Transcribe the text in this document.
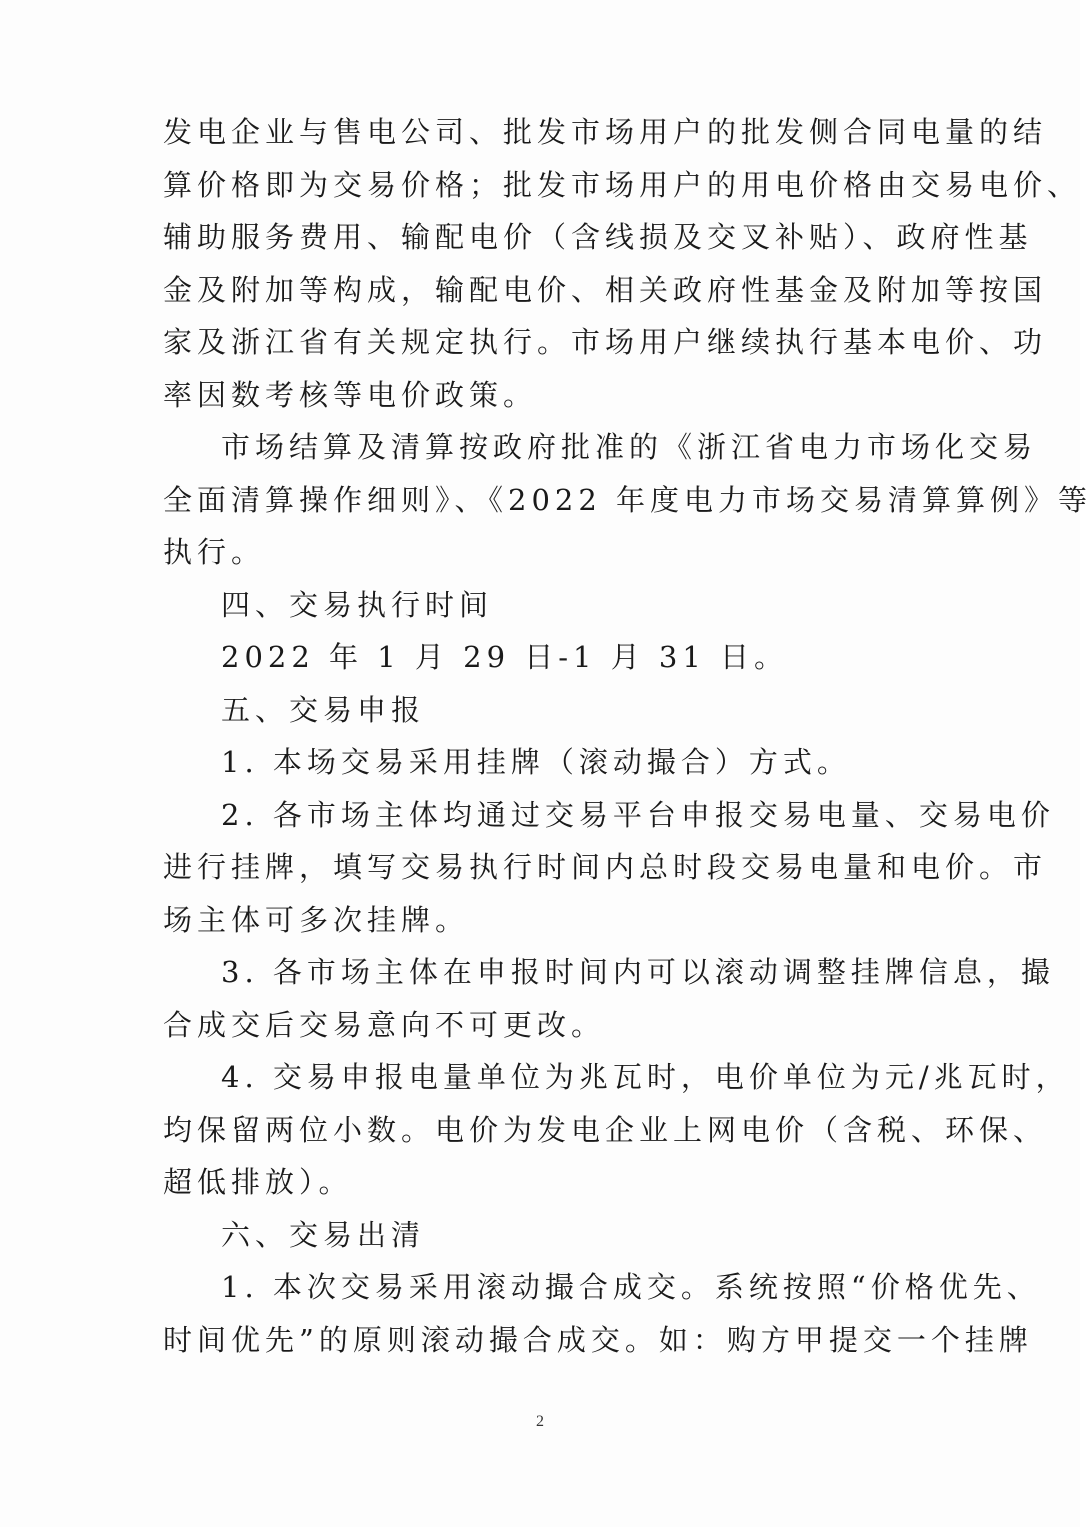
发电企业与售电公司、批发市场用户的批发侧合同电量的结
算价格即为交易价格；批发市场用户的用电价格由交易电价、
辅助服务费用、输配电价（含线损及交叉补贴）、政府性基
金及附加等构成，输配电价、相关政府性基金及附加等按国
家及浙江省有关规定执行。市场用户继续执行基本电价、功
率因数考核等电价政策。
市场结算及清算按政府批准的《浙江省电力市场化交易
全面清算操作细则》、《2022 年度电力市场交易清算算例》等
执行。
四、交易执行时间
2022 年 1 月 29 日-1 月 31 日。
五、交易申报
1. 本场交易采用挂牌（滚动撮合）方式。
2. 各市场主体均通过交易平台申报交易电量、交易电价
进行挂牌，填写交易执行时间内总时段交易电量和电价。市
场主体可多次挂牌。
3. 各市场主体在申报时间内可以滚动调整挂牌信息，撮
合成交后交易意向不可更改。
4. 交易申报电量单位为兆瓦时，电价单位为元/兆瓦时，
均保留两位小数。电价为发电企业上网电价（含税、环保、
超低排放）。
六、交易出清
1. 本次交易采用滚动撮合成交。系统按照“价格优先、
时间优先”的原则滚动撮合成交。如：购方甲提交一个挂牌
2
